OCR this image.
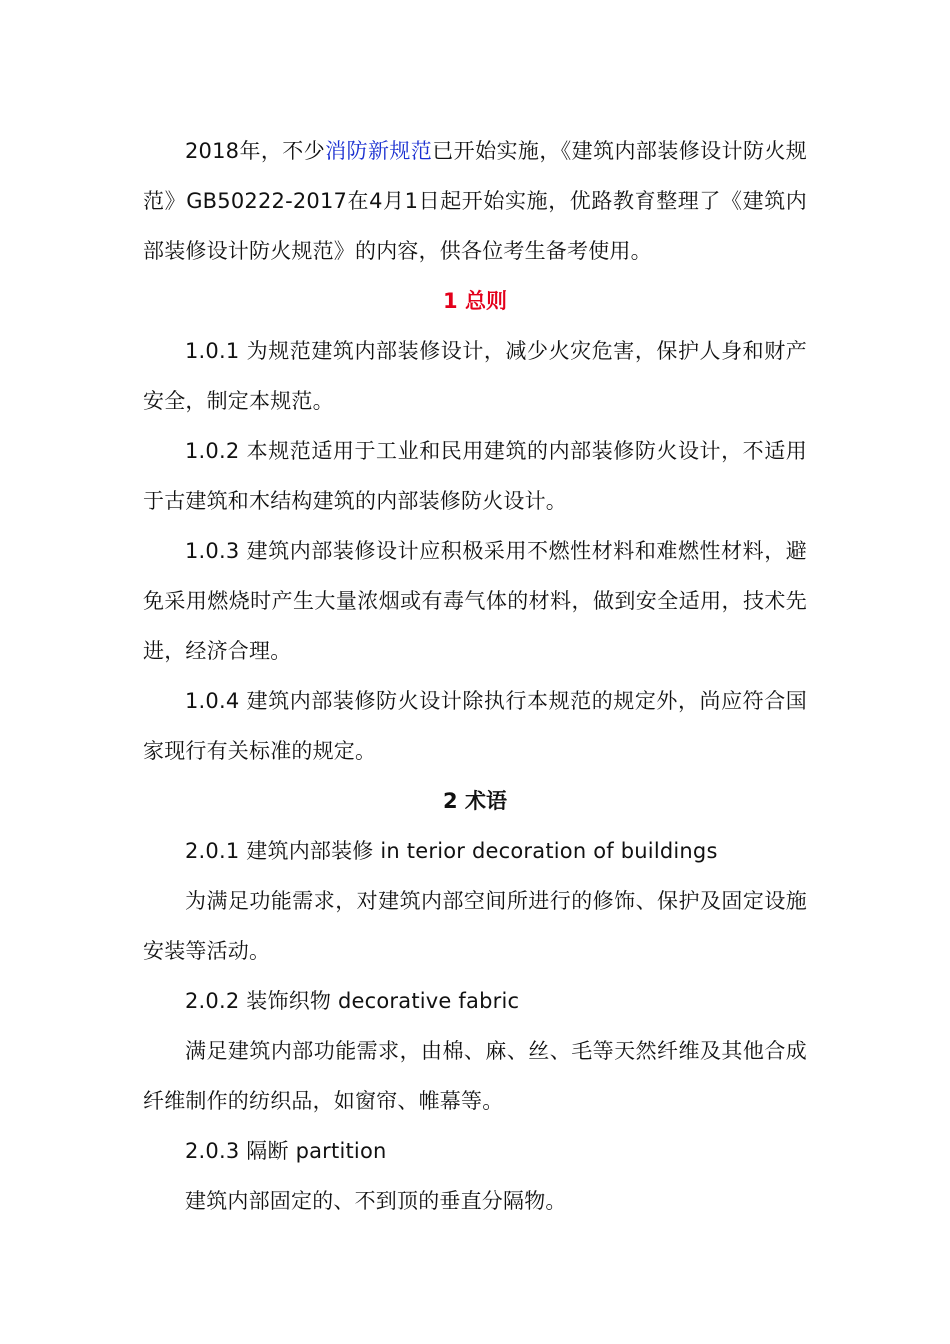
2018年，不少消防新规范已开始实施，《建筑内部装修设计防火规范》GB50222-2017在4月1日起开始实施，优路教育整理了《建筑内部装修设计防火规范》的内容，供各位考生备考使用。

1 总则

1.0.1 为规范建筑内部装修设计，减少火灾危害，保护人身和财产安全，制定本规范。

1.0.2 本规范适用于工业和民用建筑的内部装修防火设计，不适用于古建筑和木结构建筑的内部装修防火设计。

1.0.3 建筑内部装修设计应积极采用不燃性材料和难燃性材料，避免采用燃烧时产生大量浓烟或有毒气体的材料，做到安全适用，技术先进，经济合理。

1.0.4 建筑内部装修防火设计除执行本规范的规定外，尚应符合国家现行有关标准的规定。

2 术语

2.0.1 建筑内部装修 in terior decoration of buildings

为满足功能需求，对建筑内部空间所进行的修饰、保护及固定设施安装等活动。

2.0.2 装饰织物 decorative fabric

满足建筑内部功能需求，由棉、麻、丝、毛等天然纤维及其他合成纤维制作的纺织品，如窗帘、帷幕等。

2.0.3 隔断 partition

建筑内部固定的、不到顶的垂直分隔物。
